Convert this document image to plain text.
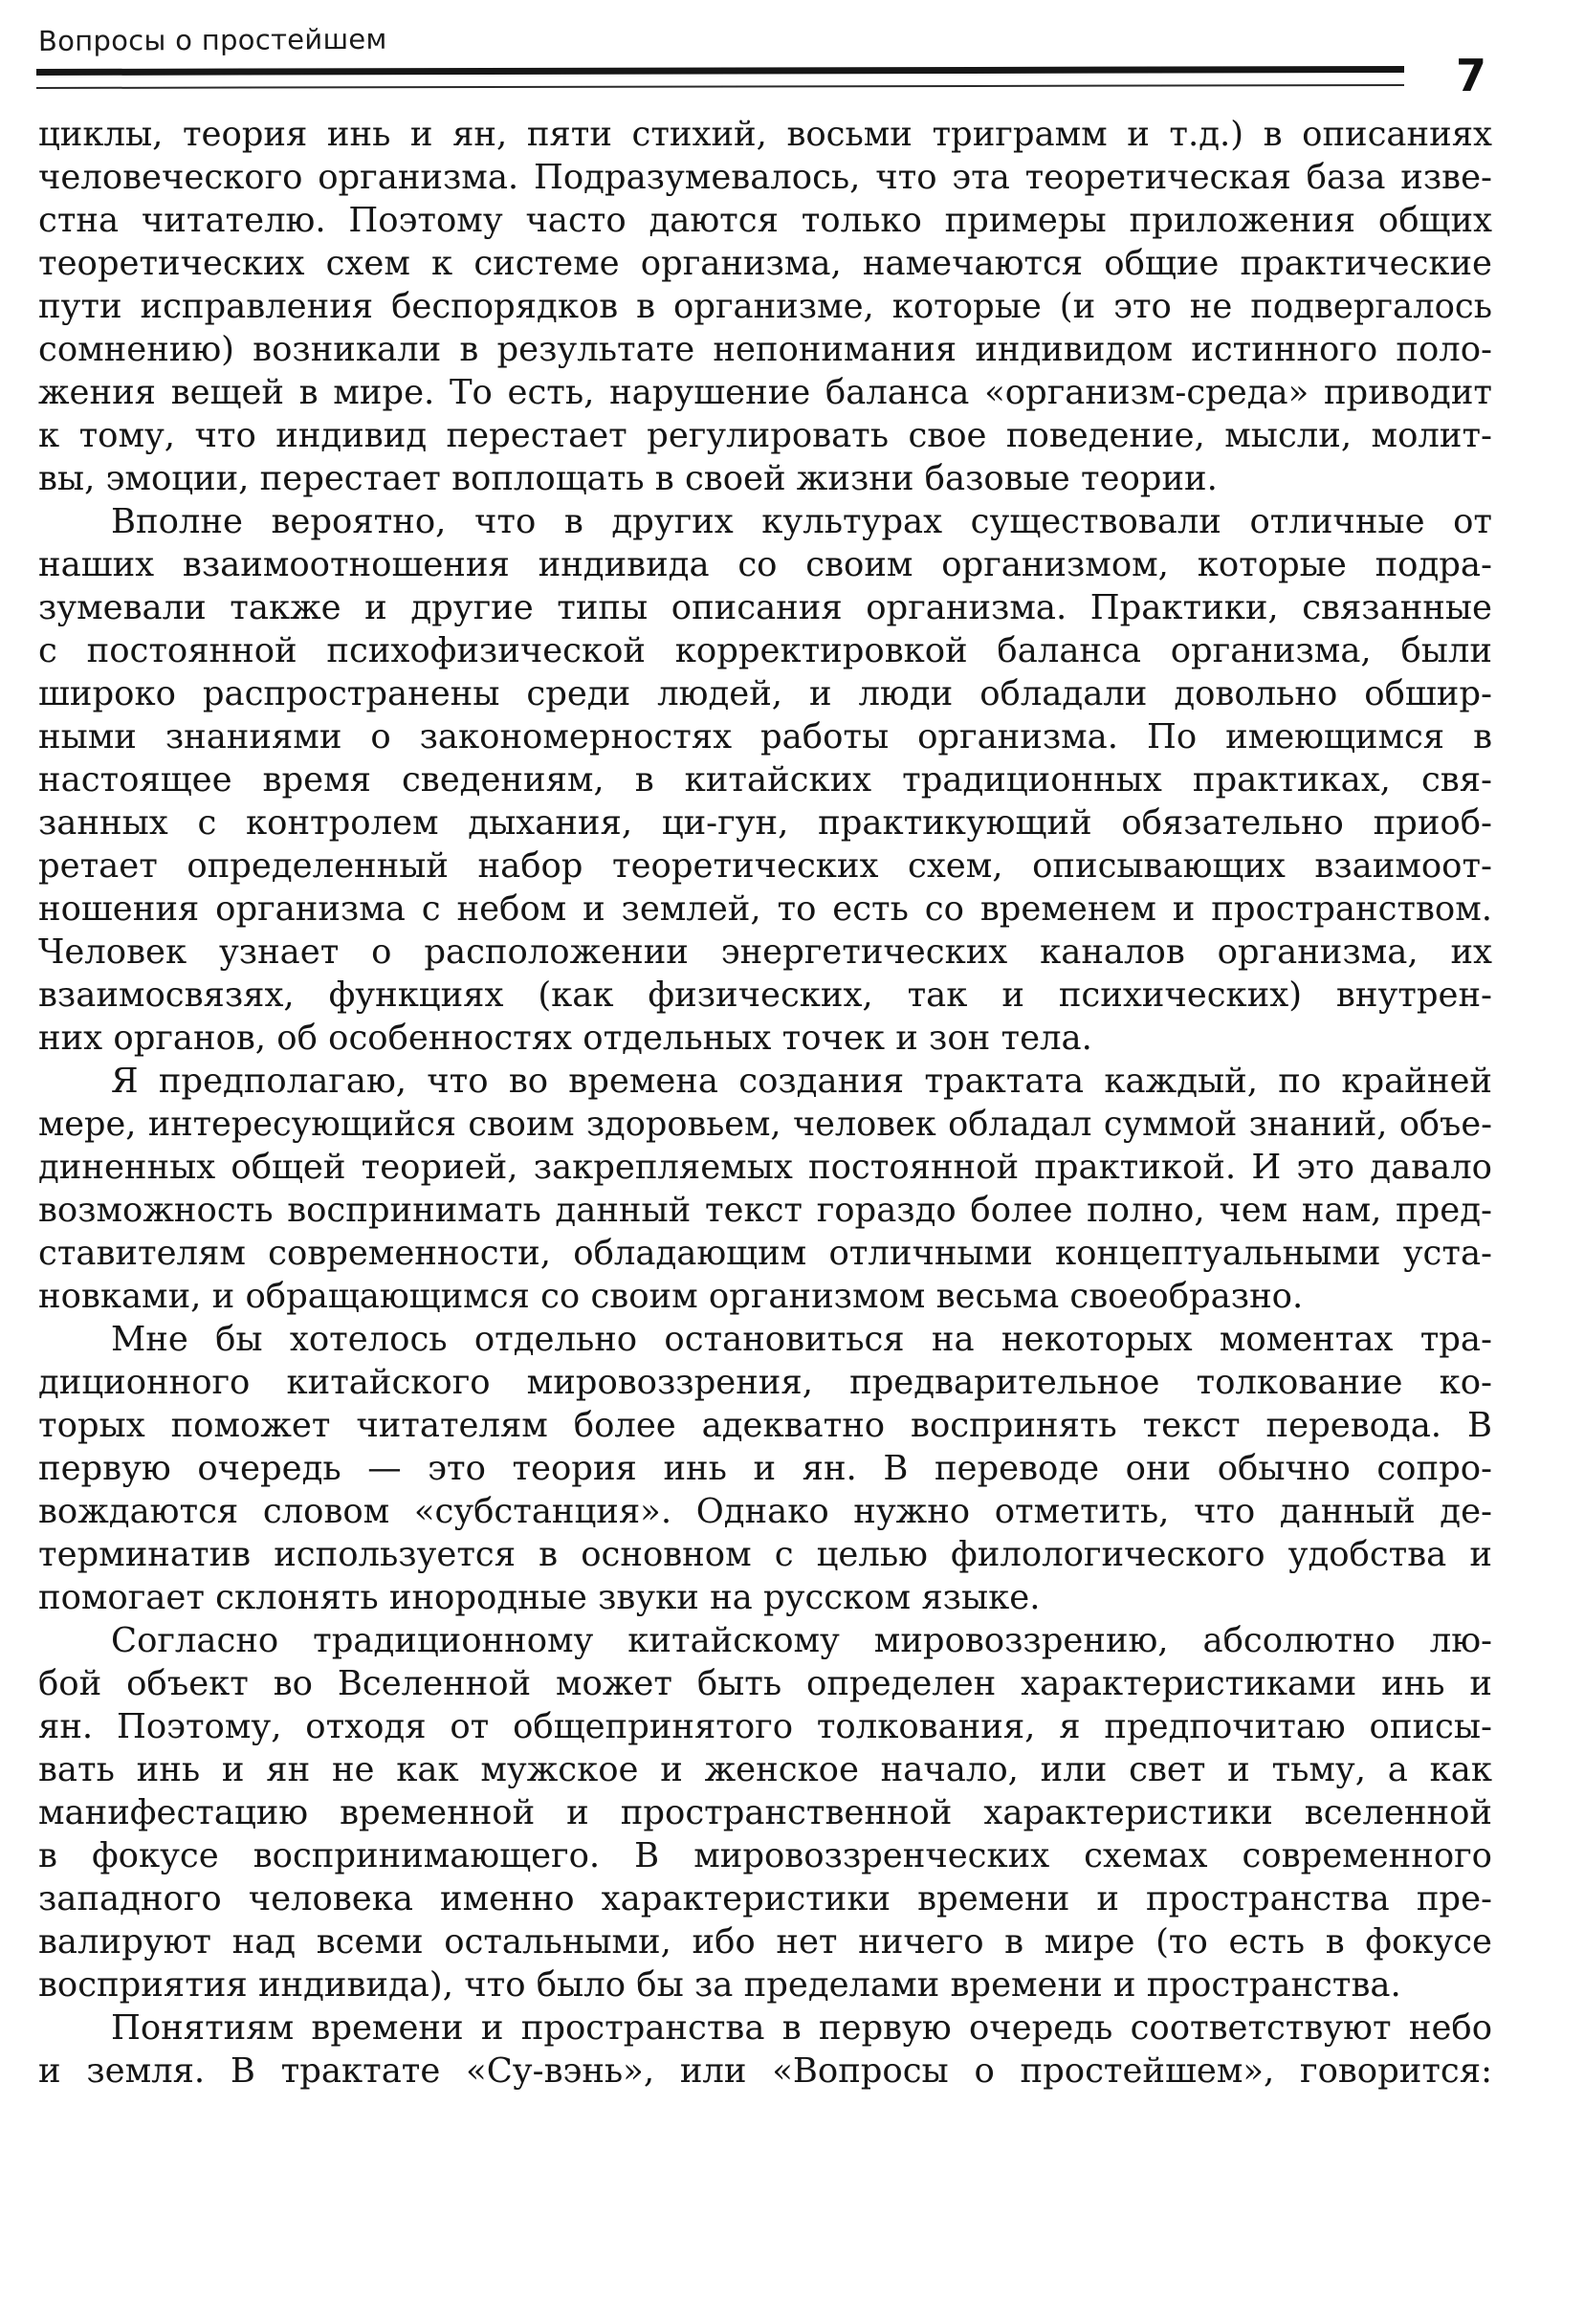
Вопросы о простейшем
7
циклы, теория инь и ян, пяти стихий, восьми триграмм и т.д.) в описаниях
человеческого организма. Подразумевалось, что эта теоретическая база изве-
стна читателю. Поэтому часто даются только примеры приложения общих
теоретических схем к системе организма, намечаются общие практические
пути исправления беспорядков в организме, которые (и это не подвергалось
сомнению) возникали в результате непонимания индивидом истинного поло-
жения вещей в мире. То есть, нарушение баланса «организм-среда» приводит
к тому, что индивид перестает регулировать свое поведение, мысли, молит-
вы, эмоции, перестает воплощать в своей жизни базовые теории.
Вполне вероятно, что в других культурах существовали отличные от
наших взаимоотношения индивида со своим организмом, которые подра-
зумевали также и другие типы описания организма. Практики, связанные
с постоянной психофизической корректировкой баланса организма, были
широко распространены среди людей, и люди обладали довольно обшир-
ными знаниями о закономерностях работы организма. По имеющимся в
настоящее время сведениям, в китайских традиционных практиках, свя-
занных с контролем дыхания, ци-гун, практикующий обязательно приоб-
ретает определенный набор теоретических схем, описывающих взаимоот-
ношения организма с небом и землей, то есть со временем и пространством.
Человек узнает о расположении энергетических каналов организма, их
взаимосвязях, функциях (как физических, так и психических) внутрен-
них органов, об особенностях отдельных точек и зон тела.
Я предполагаю, что во времена создания трактата каждый, по крайней
мере, интересующийся своим здоровьем, человек обладал суммой знаний, объе-
диненных общей теорией, закрепляемых постоянной практикой. И это давало
возможность воспринимать данный текст гораздо более полно, чем нам, пред-
ставителям современности, обладающим отличными концептуальными уста-
новками, и обращающимся со своим организмом весьма своеобразно.
Мне бы хотелось отдельно остановиться на некоторых моментах тра-
диционного китайского мировоззрения, предварительное толкование ко-
торых поможет читателям более адекватно воспринять текст перевода. В
первую очередь — это теория инь и ян. В переводе они обычно сопро-
вождаются словом «субстанция». Однако нужно отметить, что данный де-
терминатив используется в основном с целью филологического удобства и
помогает склонять инородные звуки на русском языке.
Согласно традиционному китайскому мировоззрению, абсолютно лю-
бой объект во Вселенной может быть определен характеристиками инь и
ян. Поэтому, отходя от общепринятого толкования, я предпочитаю описы-
вать инь и ян не как мужское и женское начало, или свет и тьму, а как
манифестацию временной и пространственной характеристики вселенной
в фокусе воспринимающего. В мировоззренческих схемах современного
западного человека именно характеристики времени и пространства пре-
валируют над всеми остальными, ибо нет ничего в мире (то есть в фокусе
восприятия индивида), что было бы за пределами времени и пространства.
Понятиям времени и пространства в первую очередь соответствуют небо
и земля. В трактате «Су-вэнь», или «Вопросы о простейшем», говорится:
